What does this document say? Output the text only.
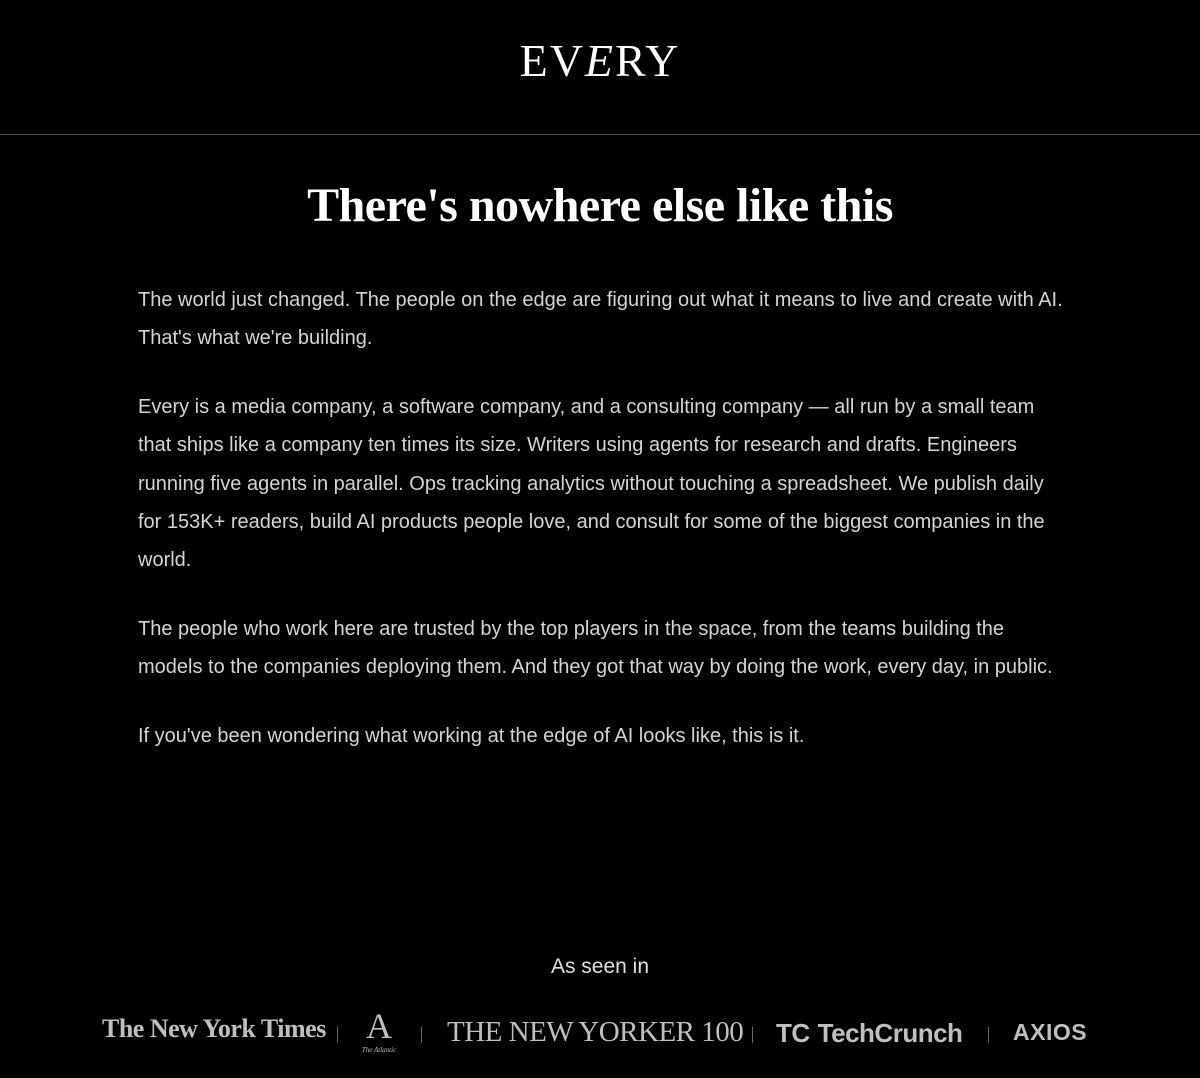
EVERY
There's nowhere else like this

The world just changed. The people on the edge are figuring out what it means to live and create with AI. That's what we're building.

Every is a media company, a software company, and a consulting company — all run by a small team that ships like a company ten times its size. Writers using agents for research and drafts. Engineers running five agents in parallel. Ops tracking analytics without touching a spreadsheet. We publish daily for 153K+ readers, build AI products people love, and consult for some of the biggest companies in the world.

The people who work here are trusted by the top players in the space, from the teams building the models to the companies deploying them. And they got that way by doing the work, every day, in public.

If you've been wondering what working at the edge of AI looks like, this is it.

As seen in
The New York Times A
The Atlantic
THE NEW YORKER 100 TC TechCrunch AXIOS
